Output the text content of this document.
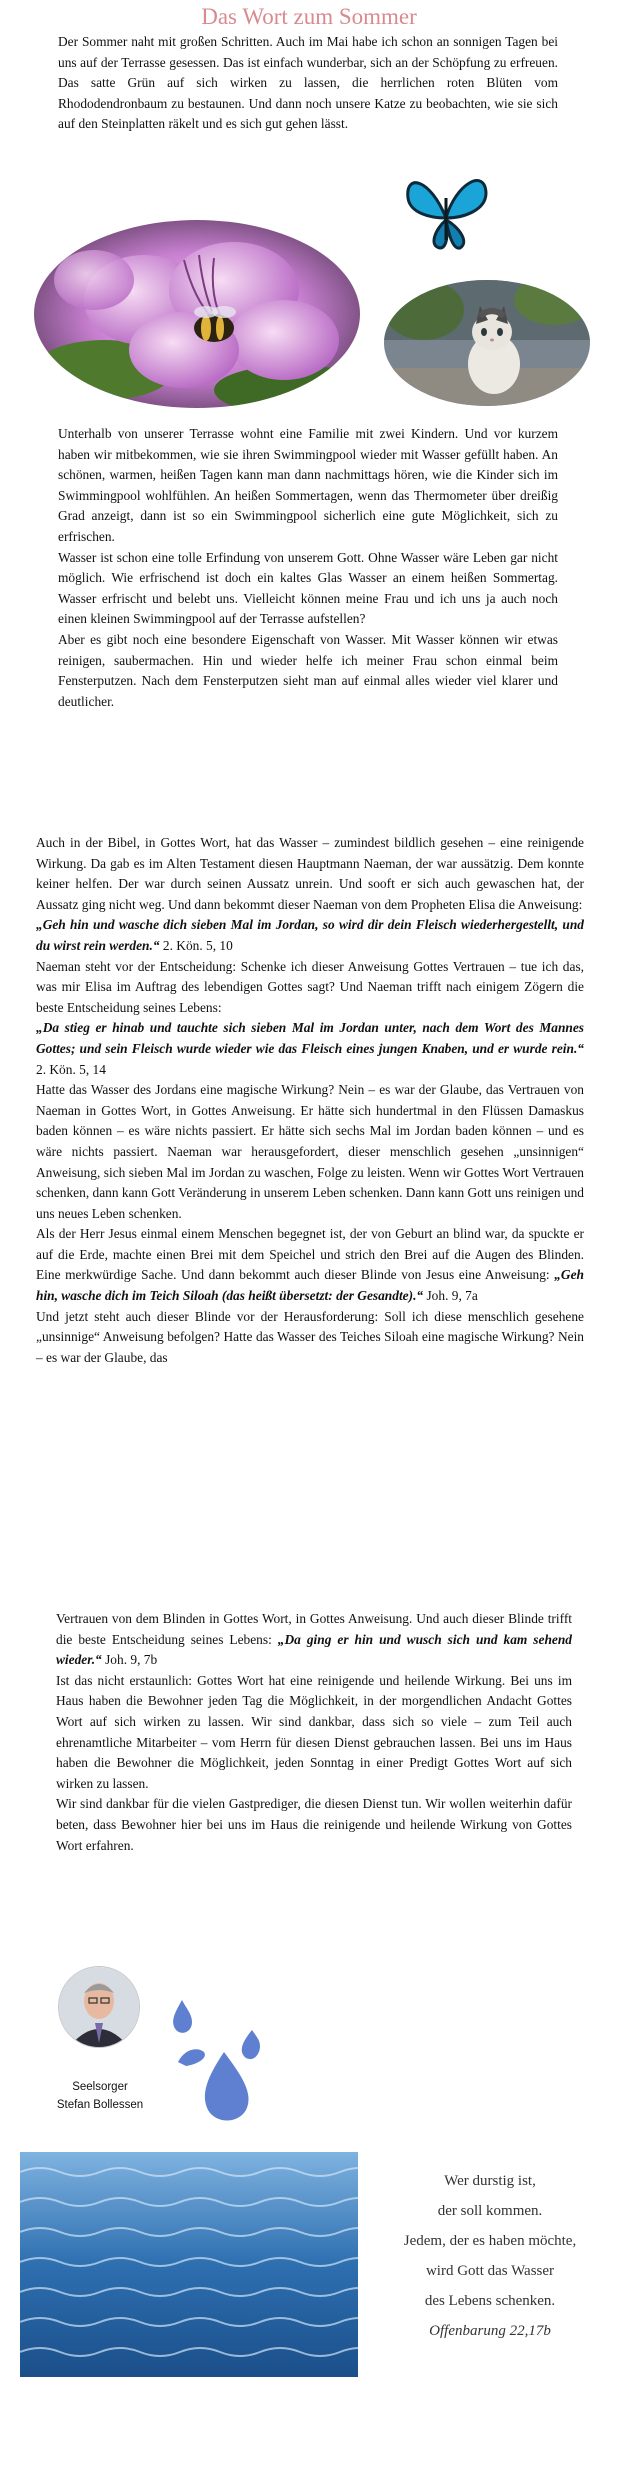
Das Wort zum Sommer

Der Sommer naht mit großen Schritten. Auch im Mai habe ich schon an sonnigen Tagen bei uns auf der Terrasse gesessen. Das ist einfach wunderbar, sich an der Schöpfung zu erfreuen. Das satte Grün auf sich wirken zu lassen, die herrlichen roten Blüten vom Rhododendronbaum zu bestaunen. Und dann noch unsere Katze zu beobachten, wie sie sich auf den Steinplatten räkelt und es sich gut gehen lässt.

Unterhalb von unserer Terrasse wohnt eine Familie mit zwei Kindern. Und vor kurzem haben wir mitbekommen, wie sie ihren Swimmingpool wieder mit Wasser gefüllt haben. An schönen, warmen, heißen Tagen kann man dann nachmittags hören, wie die Kinder sich im Swimmingpool wohlfühlen. An heißen Sommertagen, wenn das Thermometer über dreißig Grad anzeigt, dann ist so ein Swimmingpool sicherlich eine gute Möglichkeit, sich zu erfrischen.

Wasser ist schon eine tolle Erfindung von unserem Gott. Ohne Wasser wäre Leben gar nicht möglich. Wie erfrischend ist doch ein kaltes Glas Wasser an einem heißen Sommertag. Wasser erfrischt und belebt uns. Vielleicht können meine Frau und ich uns ja auch noch einen kleinen Swimmingpool auf der Terrasse aufstellen?

Aber es gibt noch eine besondere Eigenschaft von Wasser. Mit Wasser können wir etwas reinigen, saubermachen. Hin und wieder helfe ich meiner Frau schon einmal beim Fensterputzen. Nach dem Fensterputzen sieht man auf einmal alles wieder viel klarer und deutlicher.

Auch in der Bibel, in Gottes Wort, hat das Wasser – zumindest bildlich gesehen – eine reinigende Wirkung. Da gab es im Alten Testament diesen Hauptmann Naeman, der war aussätzig. Dem konnte keiner helfen. Der war durch seinen Aussatz unrein. Und sooft er sich auch gewaschen hat, der Aussatz ging nicht weg. Und dann bekommt dieser Naeman von dem Propheten Elisa die Anweisung:

„Geh hin und wasche dich sieben Mal im Jordan, so wird dir dein Fleisch wiederhergestellt, und du wirst rein werden.“ 2. Kön. 5, 10

Naeman steht vor der Entscheidung: Schenke ich dieser Anweisung Gottes Vertrauen – tue ich das, was mir Elisa im Auftrag des lebendigen Gottes sagt? Und Naeman trifft nach einigem Zögern die beste Entscheidung seines Lebens:

„Da stieg er hinab und tauchte sich sieben Mal im Jordan unter, nach dem Wort des Mannes Gottes; und sein Fleisch wurde wieder wie das Fleisch eines jungen Knaben, und er wurde rein.“ 2. Kön. 5, 14

Hatte das Wasser des Jordans eine magische Wirkung? Nein – es war der Glaube, das Vertrauen von Naeman in Gottes Wort, in Gottes Anweisung. Er hätte sich hundertmal in den Flüssen Damaskus baden können – es wäre nichts passiert. Er hätte sich sechs Mal im Jordan baden können – und es wäre nichts passiert. Naeman war herausgefordert, dieser menschlich gesehen „unsinnigen“ Anweisung, sich sieben Mal im Jordan zu waschen, Folge zu leisten. Wenn wir Gottes Wort Vertrauen schenken, dann kann Gott Veränderung in unserem Leben schenken. Dann kann Gott uns reinigen und uns neues Leben schenken.

Als der Herr Jesus einmal einem Menschen begegnet ist, der von Geburt an blind war, da spuckte er auf die Erde, machte einen Brei mit dem Speichel und strich den Brei auf die Augen des Blinden. Eine merkwürdige Sache. Und dann bekommt auch dieser Blinde von Jesus eine Anweisung: „Geh hin, wasche dich im Teich Siloah (das heißt übersetzt: der Gesandte).“ Joh. 9, 7a

Und jetzt steht auch dieser Blinde vor der Herausforderung: Soll ich diese menschlich gesehene „unsinnige“ Anweisung befolgen? Hatte das Wasser des Teiches Siloah eine magische Wirkung? Nein – es war der Glaube, das

Vertrauen von dem Blinden in Gottes Wort, in Gottes Anweisung. Und auch dieser Blinde trifft die beste Entscheidung seines Lebens: „Da ging er hin und wusch sich und kam sehend wieder.“ Joh. 9, 7b

Ist das nicht erstaunlich: Gottes Wort hat eine reinigende und heilende Wirkung. Bei uns im Haus haben die Bewohner jeden Tag die Möglichkeit, in der morgendlichen Andacht Gottes Wort auf sich wirken zu lassen. Wir sind dankbar, dass sich so viele – zum Teil auch ehrenamtliche Mitarbeiter – vom Herrn für diesen Dienst gebrauchen lassen. Bei uns im Haus haben die Bewohner die Möglichkeit, jeden Sonntag in einer Predigt Gottes Wort auf sich wirken zu lassen.

Wir sind dankbar für die vielen Gastprediger, die diesen Dienst tun. Wir wollen weiterhin dafür beten, dass Bewohner hier bei uns im Haus die reinigende und heilende Wirkung von Gottes Wort erfahren.

Seelsorger
Stefan Bollessen
Wer durstig ist,
der soll kommen.
Jedem, der es haben möchte,
wird Gott das Wasser
des Lebens schenken.
Offenbarung 22,17b
